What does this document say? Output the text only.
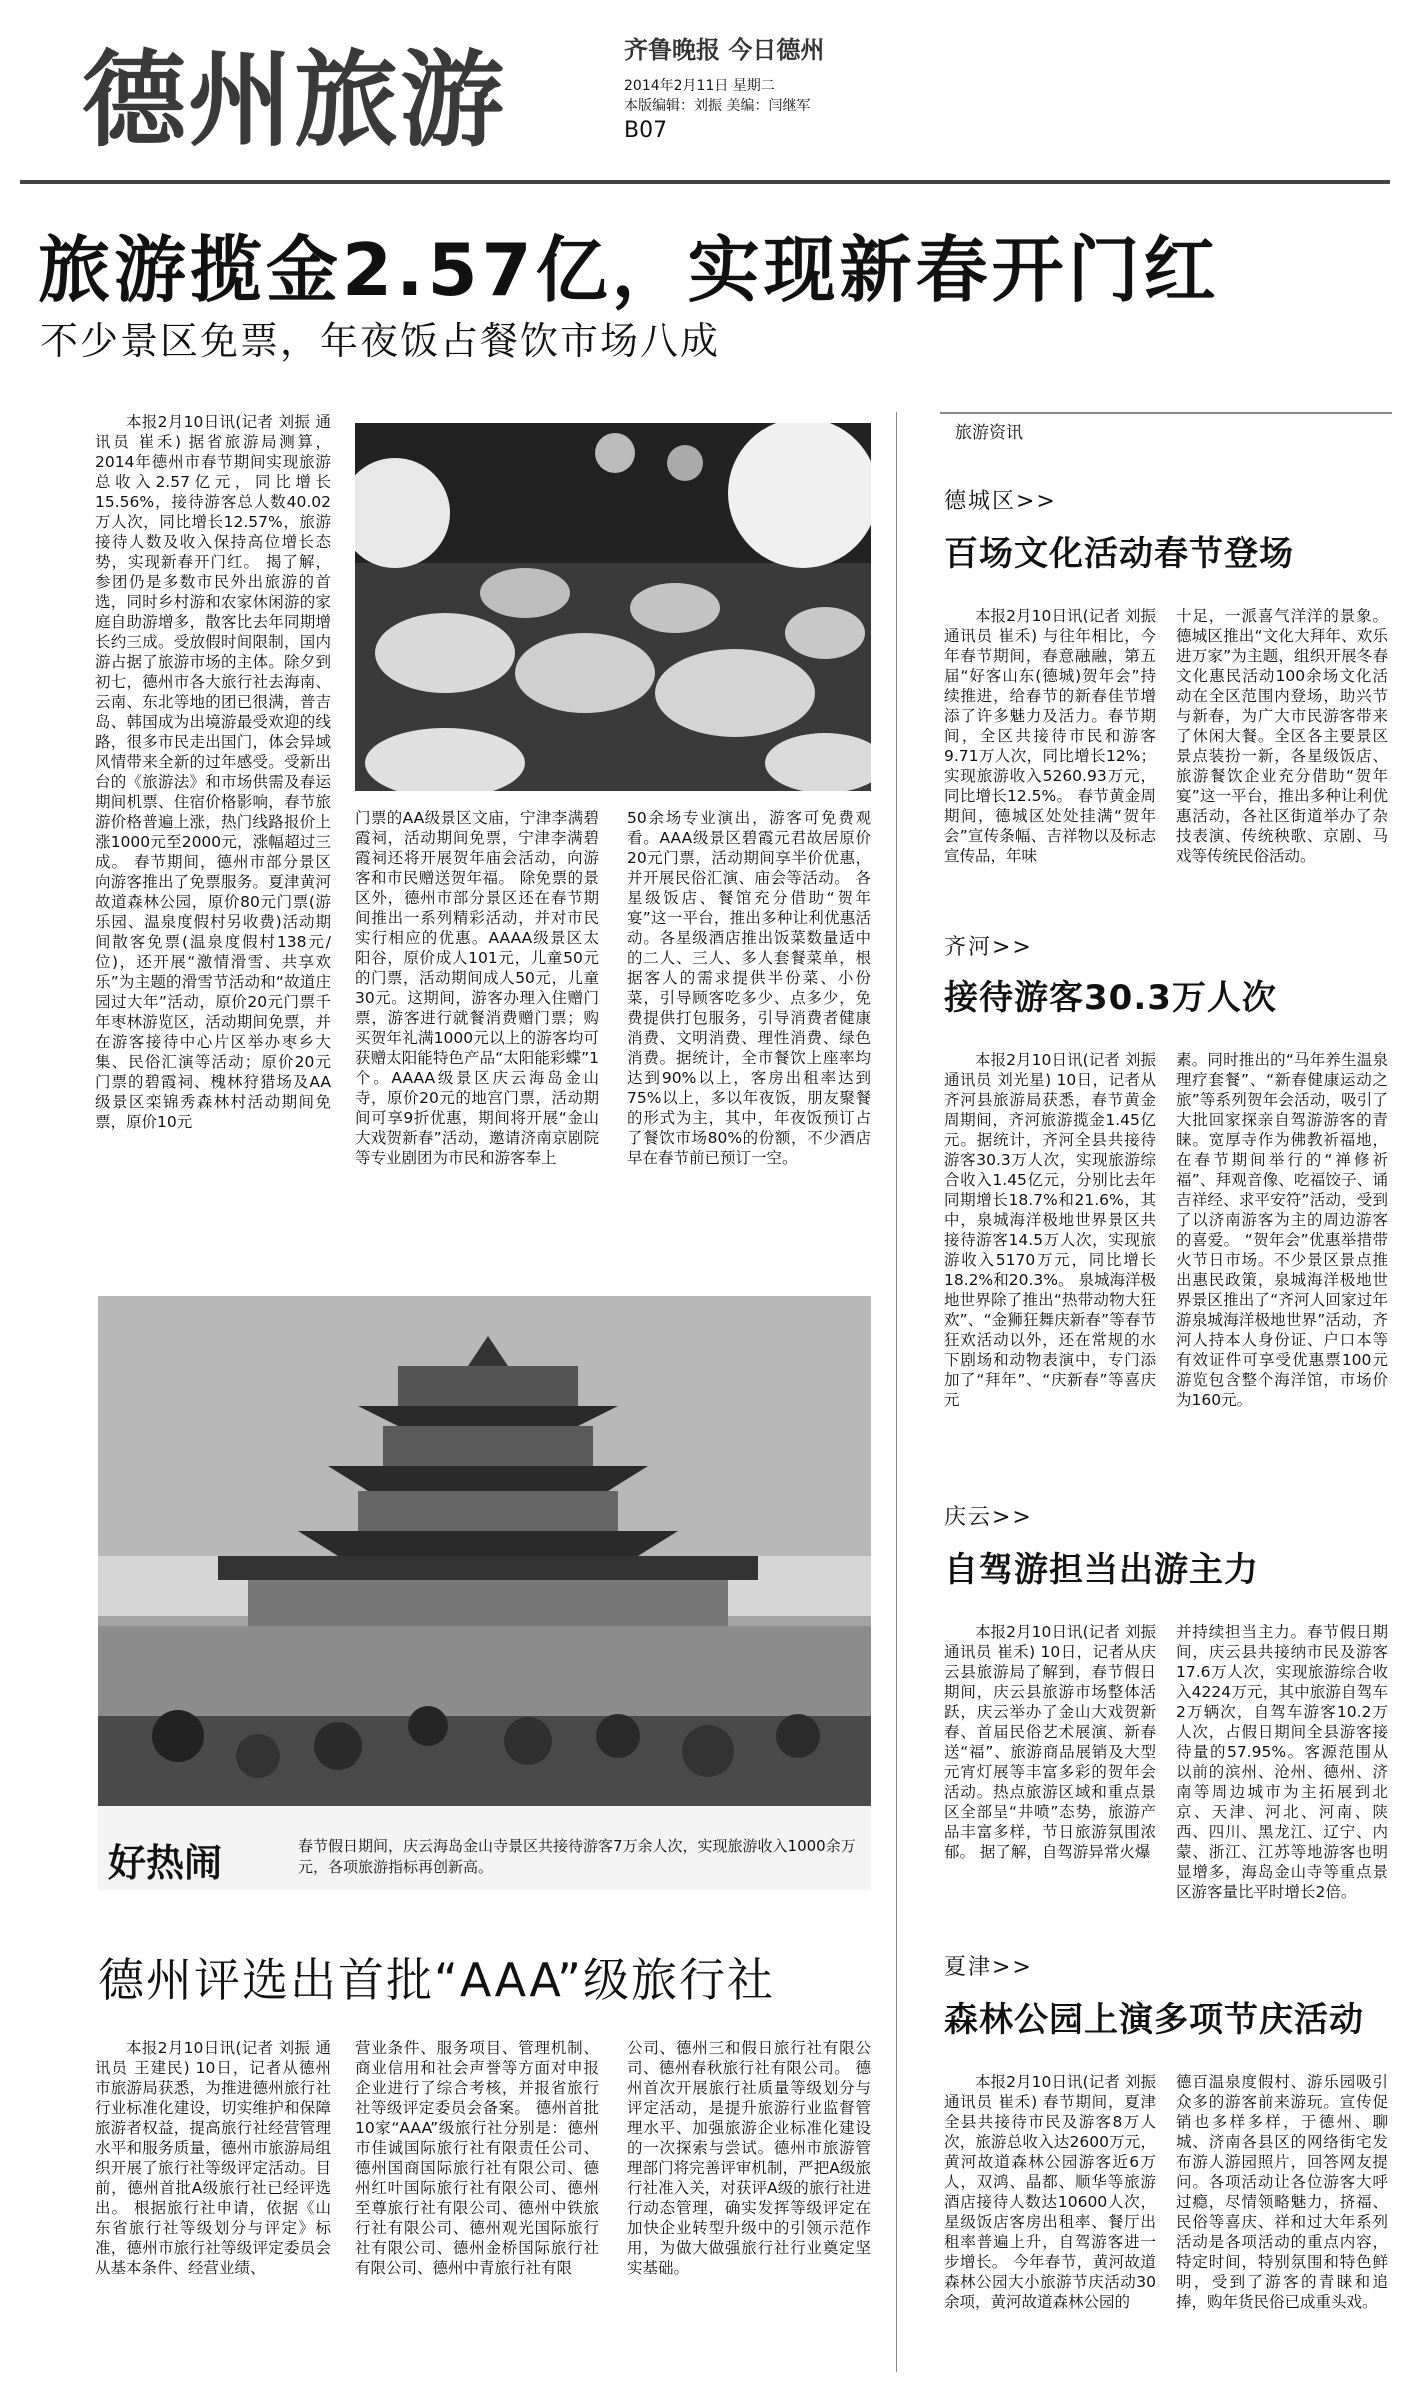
德州旅游	齐鲁晚报 今日德州
2014年2月11日 星期二
本版编辑：刘振 美编：闫继军
B07
旅游揽金2.57亿，实现新春开门红
不少景区免票，年夜饭占餐饮市场八成

本报2月10日讯(记者 刘振 通讯员 崔禾) 据省旅游局测算，2014年德州市春节期间实现旅游总收入2.57亿元，同比增长15.56%，接待游客总人数40.02万人次，同比增长12.57%，旅游接待人数及收入保持高位增长态势，实现新春开门红。 揭了解，参团仍是多数市民外出旅游的首选，同时乡村游和农家休闲游的家庭自助游增多，散客比去年同期增长约三成。受放假时间限制，国内游占据了旅游市场的主体。除夕到初七，德州市各大旅行社去海南、云南、东北等地的团已很满，普吉岛、韩国成为出境游最受欢迎的线路，很多市民走出国门，体会异域风情带来全新的过年感受。受新出台的《旅游法》和市场供需及春运期间机票、住宿价格影响，春节旅游价格普遍上涨，热门线路报价上涨1000元至2000元，涨幅超过三成。 春节期间，德州市部分景区向游客推出了免票服务。夏津黄河故道森林公园，原价80元门票(游乐园、温泉度假村另收费)活动期间散客免票(温泉度假村138元/位)，还开展“激情滑雪、共享欢乐”为主题的滑雪节活动和“故道庄园过大年”活动，原价20元门票千年枣林游览区，活动期间免票，并在游客接待中心片区举办枣乡大集、民俗汇演等活动；原价20元门票的碧霞祠、槐林狩猎场及AA级景区栾锦秀森林村活动期间免票，原价10元

门票的AA级景区文庙，宁津李满碧霞祠，活动期间免票，宁津李满碧霞祠还将开展贺年庙会活动，向游客和市民赠送贺年福。 除免票的景区外，德州市部分景区还在春节期间推出一系列精彩活动，并对市民实行相应的优惠。AAAA级景区太阳谷，原价成人101元，儿童50元的门票，活动期间成人50元，儿童30元。这期间，游客办理入住赠门票，游客进行就餐消费赠门票；购买贺年礼满1000元以上的游客均可获赠太阳能特色产品“太阳能彩蝶”1个。AAAA级景区庆云海岛金山寺，原价20元的地宫门票，活动期间可享9折优惠，期间将开展“金山大戏贺新春”活动，邀请济南京剧院等专业剧团为市民和游客奉上

50余场专业演出，游客可免费观看。AAA级景区碧霞元君故居原价20元门票，活动期间享半价优惠，并开展民俗汇演、庙会等活动。 各星级饭店、餐馆充分借助“贺年宴”这一平台，推出多种让利优惠活动。各星级酒店推出饭菜数量适中的二人、三人、多人套餐菜单，根据客人的需求提供半份菜、小份菜，引导顾客吃多少、点多少，免费提供打包服务，引导消费者健康消费、文明消费、理性消费、绿色消费。据统计，全市餐饮上座率均达到90%以上，客房出租率达到75%以上，多以年夜饭，朋友聚餐的形式为主，其中，年夜饭预订占了餐饮市场80%的份额，不少酒店早在春节前已预订一空。

好热闹	春节假日期间，庆云海岛金山寺景区共接待游客7万余人次，实现旅游收入1000余万元，各项旅游指标再创新高。
德州评选出首批“AAA”级旅行社

本报2月10日讯(记者 刘振 通讯员 王建民) 10日，记者从德州市旅游局获悉，为推进德州旅行社行业标准化建设，切实维护和保障旅游者权益，提高旅行社经营管理水平和服务质量，德州市旅游局组织开展了旅行社等级评定活动。目前，德州首批A级旅行社已经评选出。 根据旅行社申请，依据《山东省旅行社等级划分与评定》标准，德州市旅行社等级评定委员会从基本条件、经营业绩、

营业条件、服务项目、管理机制、商业信用和社会声誉等方面对申报企业进行了综合考核，并报省旅行社等级评定委员会备案。 德州首批10家“AAA”级旅行社分别是：德州市佳诚国际旅行社有限责任公司、德州国商国际旅行社有限公司、德州红叶国际旅行社有限公司、德州至尊旅行社有限公司、德州中铁旅行社有限公司、德州观光国际旅行社有限公司、德州金桥国际旅行社有限公司、德州中青旅行社有限

公司、德州三和假日旅行社有限公司、德州春秋旅行社有限公司。 德州首次开展旅行社质量等级划分与评定活动，是提升旅游行业监督管理水平、加强旅游企业标准化建设的一次探索与尝试。德州市旅游管理部门将完善评审机制，严把A级旅行社准入关，对获评A级的旅行社进行动态管理，确实发挥等级评定在加快企业转型升级中的引领示范作用，为做大做强旅行社行业奠定坚实基础。

旅游资讯
德城区>>
百场文化活动春节登场

本报2月10日讯(记者 刘振 通讯员 崔禾) 与往年相比，今年春节期间，春意融融，第五届“好客山东(德城)贺年会”持续推进，给春节的新春佳节增添了许多魅力及活力。春节期间，全区共接待市民和游客9.71万人次，同比增长12%；实现旅游收入5260.93万元，同比增长12.5%。 春节黄金周期间，德城区处处挂满“贺年会”宣传条幅、吉祥物以及标志宣传品，年味

十足，一派喜气洋洋的景象。德城区推出“文化大拜年、欢乐进万家”为主题，组织开展冬春文化惠民活动100余场文化活动在全区范围内登场，助兴节与新春，为广大市民游客带来了休闲大餐。全区各主要景区景点装扮一新，各星级饭店、旅游餐饮企业充分借助“贺年宴”这一平台，推出多种让利优惠活动，各社区街道举办了杂技表演、传统秧歌、京剧、马戏等传统民俗活动。

齐河>>
接待游客30.3万人次

本报2月10日讯(记者 刘振 通讯员 刘光星) 10日，记者从齐河县旅游局获悉，春节黄金周期间，齐河旅游揽金1.45亿元。据统计，齐河全县共接待游客30.3万人次，实现旅游综合收入1.45亿元，分别比去年同期增长18.7%和21.6%，其中，泉城海洋极地世界景区共接待游客14.5万人次，实现旅游收入5170万元，同比增长18.2%和20.3%。 泉城海洋极地世界除了推出“热带动物大狂欢”、“金狮狂舞庆新春”等春节狂欢活动以外，还在常规的水下剧场和动物表演中，专门添加了“拜年”、“庆新春”等喜庆元

素。同时推出的“马年养生温泉理疗套餐”、“新春健康运动之旅”等系列贺年会活动，吸引了大批回家探亲自驾游游客的青睐。宽厚寺作为佛教祈福地，在春节期间举行的“禅修祈福”、拜观音像、吃福饺子、诵吉祥经、求平安符”活动，受到了以济南游客为主的周边游客的喜爱。 “贺年会”优惠举措带火节日市场。不少景区景点推出惠民政策，泉城海洋极地世界景区推出了“齐河人回家过年游泉城海洋极地世界”活动，齐河人持本人身份证、户口本等有效证件可享受优惠票100元游览包含整个海洋馆，市场价为160元。

庆云>>
自驾游担当出游主力

本报2月10日讯(记者 刘振 通讯员 崔禾) 10日，记者从庆云县旅游局了解到，春节假日期间，庆云县旅游市场整体活跃，庆云举办了金山大戏贺新春、首届民俗艺术展演、新春送“福”、旅游商品展销及大型元宵灯展等丰富多彩的贺年会活动。热点旅游区域和重点景区全部呈“井喷”态势，旅游产品丰富多样，节日旅游氛围浓郁。 据了解，自驾游异常火爆

并持续担当主力。春节假日期间，庆云县共接纳市民及游客17.6万人次，实现旅游综合收入4224万元，其中旅游自驾车2万辆次，自驾车游客10.2万人次，占假日期间全县游客接待量的57.95%。客源范围从以前的滨州、沧州、德州、济南等周边城市为主拓展到北京、天津、河北、河南、陕西、四川、黑龙江、辽宁、内蒙、浙江、江苏等地游客也明显增多，海岛金山寺等重点景区游客量比平时增长2倍。

夏津>>
森林公园上演多项节庆活动

本报2月10日讯(记者 刘振 通讯员 崔禾) 春节期间，夏津全县共接待市民及游客8万人次，旅游总收入达2600万元，黄河故道森林公园游客近6万人，双鸿、晶都、顺华等旅游酒店接待人数达10600人次，星级饭店客房出租率、餐厅出租率普遍上升，自驾游客进一步增长。 今年春节，黄河故道森林公园大小旅游节庆活动30余项，黄河故道森林公园的

德百温泉度假村、游乐园吸引众多的游客前来游玩。宣传促销也多样多样，于德州、聊城、济南各县区的网络街宅发布游人游园照片，回答网友提问。各项活动让各位游客大呼过瘾，尽情领略魅力，挤福、民俗等喜庆、祥和过大年系列活动是各项活动的重点内容，特定时间，特别氛围和特色鲜明，受到了游客的青睐和追捧，购年货民俗已成重头戏。
